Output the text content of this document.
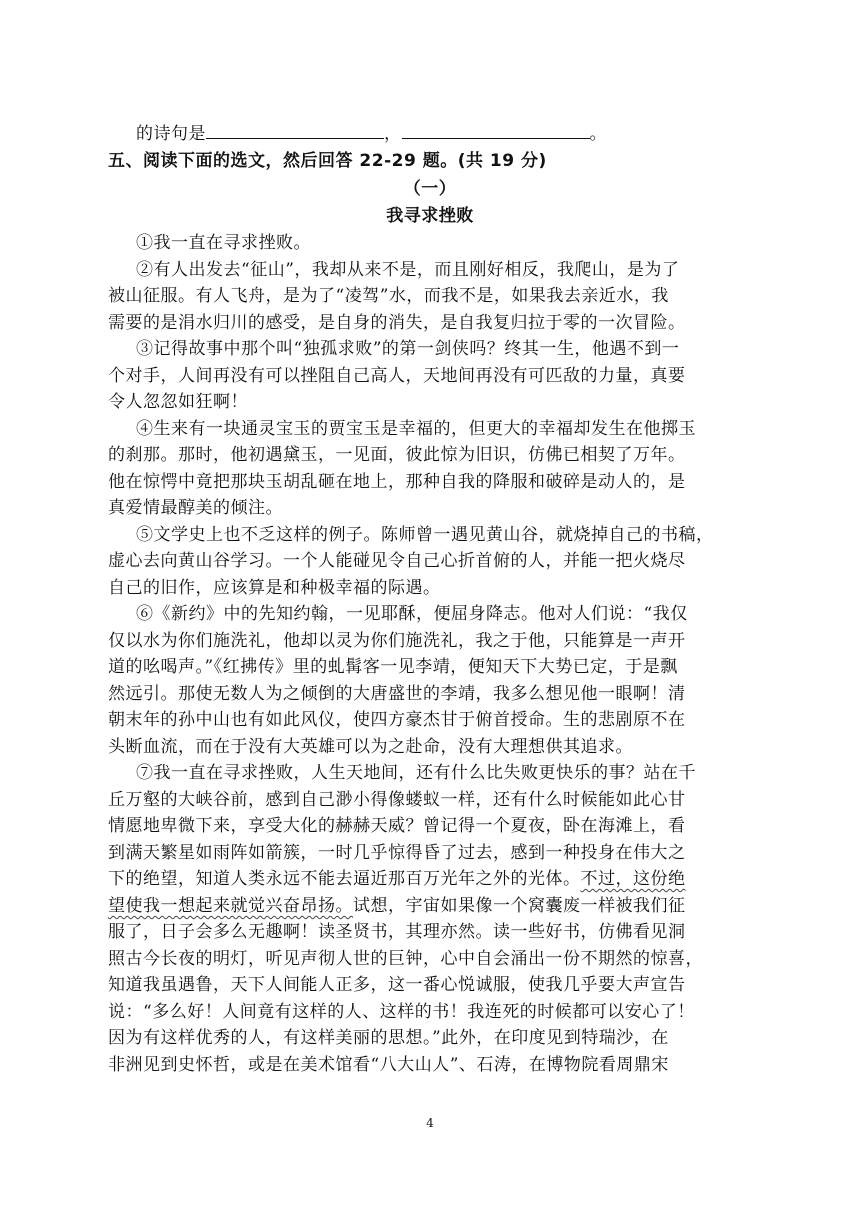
的诗句是	，	。
五、阅读下面的选文，然后回答 22-29 题。(共 19 分)
（一）
我寻求挫败
①我一直在寻求挫败。
②有人出发去“征山”，我却从来不是，而且刚好相反，我爬山，是为了
被山征服。有人飞舟，是为了“凌驾”水，而我不是，如果我去亲近水，我
需要的是涓水归川的感受，是自身的消失，是自我复归拉于零的一次冒险。
③记得故事中那个叫“独孤求败”的第一剑侠吗？终其一生，他遇不到一
个对手，人间再没有可以挫阻自己高人，天地间再没有可匹敌的力量，真要
令人忽忽如狂啊！
④生来有一块通灵宝玉的贾宝玉是幸福的，但更大的幸福却发生在他掷玉
的刹那。那时，他初遇黛玉，一见面，彼此惊为旧识，仿佛已相契了万年。
他在惊愕中竟把那块玉胡乱砸在地上，那种自我的降服和破碎是动人的，是
真爱情最醇美的倾注。
⑤文学史上也不乏这样的例子。陈师曾一遇见黄山谷，就烧掉自己的书稿，
虚心去向黄山谷学习。一个人能碰见令自己心折首俯的人，并能一把火烧尽
自己的旧作，应该算是和种极幸福的际遇。
⑥《新约》中的先知约翰，一见耶酥，便屈身降志。他对人们说：“我仅
仅以水为你们施洗礼，他却以灵为你们施洗礼，我之于他，只能算是一声开
道的吆喝声。”《红拂传》里的虬髯客一见李靖，便知天下大势已定，于是飘
然远引。那使无数人为之倾倒的大唐盛世的李靖，我多么想见他一眼啊！清
朝末年的孙中山也有如此风仪，使四方豪杰甘于俯首授命。生的悲剧原不在
头断血流，而在于没有大英雄可以为之赴命，没有大理想供其追求。
⑦我一直在寻求挫败，人生天地间，还有什么比失败更快乐的事？站在千
丘万壑的大峡谷前，感到自己渺小得像蝼蚁一样，还有什么时候能如此心甘
情愿地卑微下来，享受大化的赫赫天威？曾记得一个夏夜，卧在海滩上，看
到满天繁星如雨阵如箭簇，一时几乎惊得昏了过去，感到一种投身在伟大之
下的绝望，知道人类永远不能去逼近那百万光年之外的光体。不过，这份绝
望使我一想起来就觉兴奋昂扬。试想，宇宙如果像一个窝囊废一样被我们征
服了，日子会多么无趣啊！读圣贤书，其理亦然。读一些好书，仿佛看见洞
照古今长夜的明灯，听见声彻人世的巨钟，心中自会涌出一份不期然的惊喜，
知道我虽遇鲁，天下人间能人正多，这一番心悦诚服，使我几乎要大声宣告
说：“多么好！人间竟有这样的人、这样的书！我连死的时候都可以安心了！
因为有这样优秀的人，有这样美丽的思想。”此外，在印度见到特瑞沙，在
非洲见到史怀哲，或是在美术馆看“八大山人”、石涛，在博物院看周鼎宋
4
